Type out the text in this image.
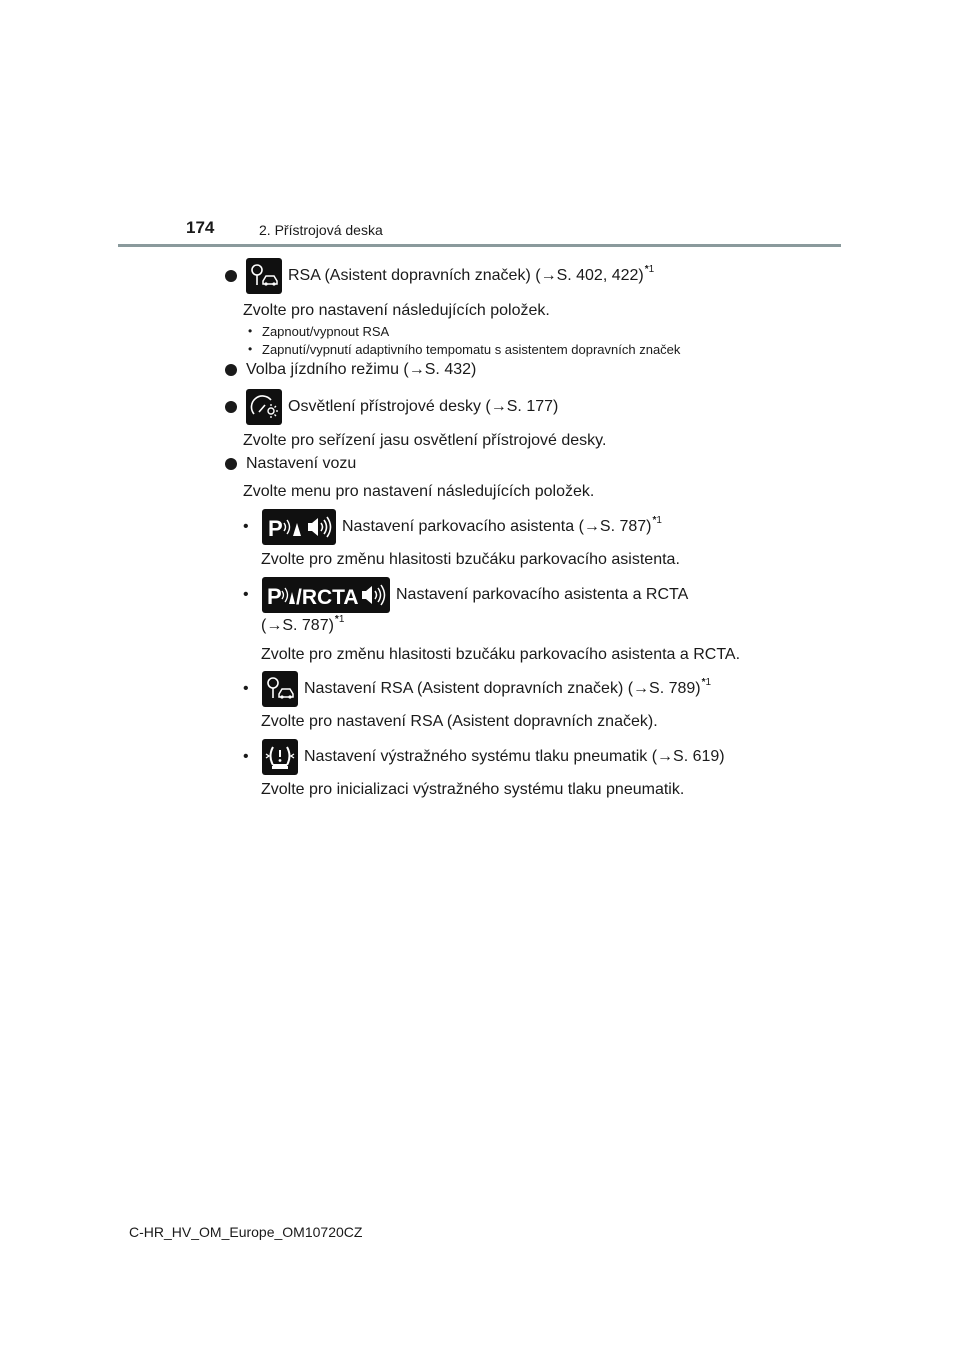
174	2. Přístrojová deska
RSA (Asistent dopravních značek) ( → S. 402, 422) *1
Zvolte pro nastavení následujících položek.
• Zapnout/vypnout RSA
• Zapnutí/vypnutí adaptivního tempomatu s asistentem dopravních značek
Volba jízdního režimu ( → S. 432)
Osvětlení přístrojové desky ( → S. 177)
Zvolte pro seřízení jasu osvětlení přístrojové desky.
Nastavení vozu
Zvolte menu pro nastavení následujících položek.
• P	Nastavení parkovacího asistenta ( → S. 787) *1
Zvolte pro změnu hlasitosti bzučáku parkovacího asistenta.
• P /RCTA Nastavení parkovacího asistenta a RCTA
( → S. 787) *1
Zvolte pro změnu hlasitosti bzučáku parkovacího asistenta a RCTA.
•	Nastavení RSA (Asistent dopravních značek) ( → S. 789) *1
Zvolte pro nastavení RSA (Asistent dopravních značek).
•	Nastavení výstražného systému tlaku pneumatik ( → S. 619)
Zvolte pro inicializaci výstražného systému tlaku pneumatik.
C-HR_HV_OM_Europe_OM10720CZ
